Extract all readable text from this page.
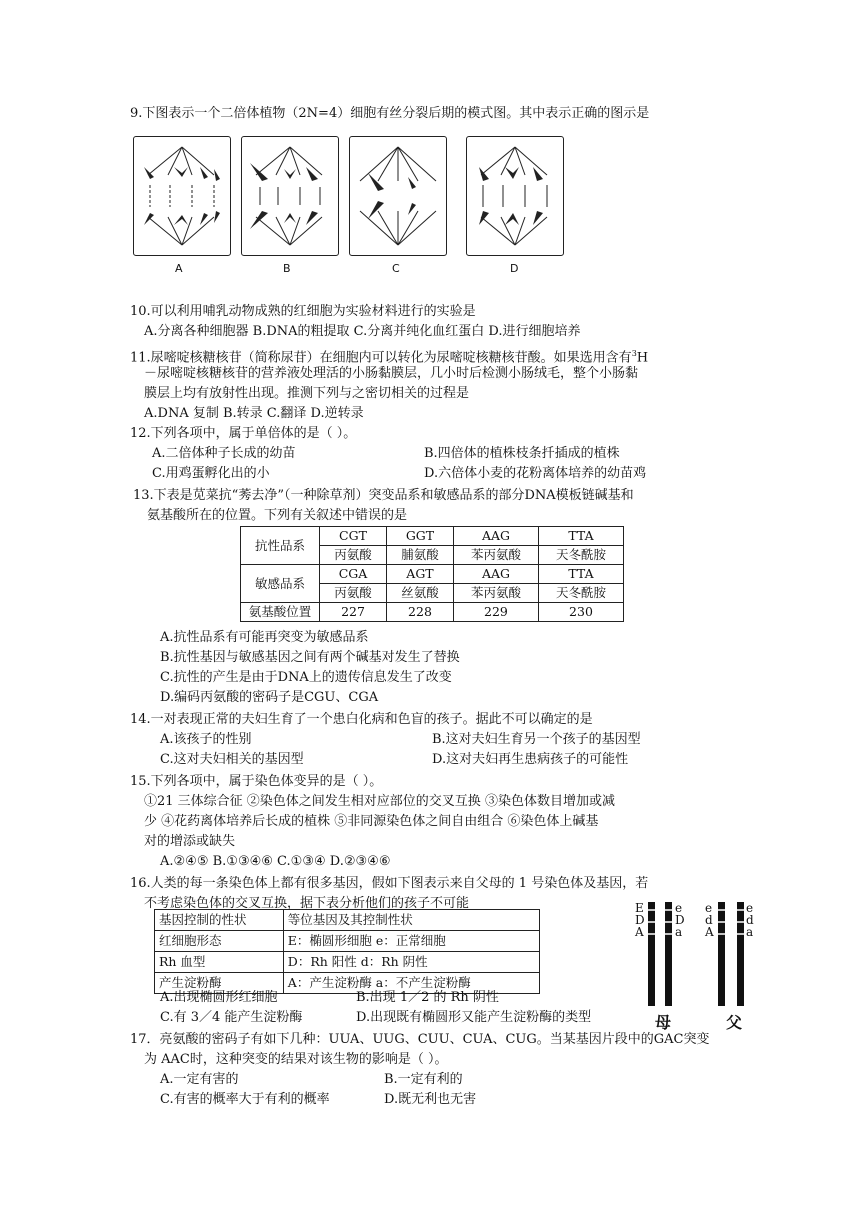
9.下图表示一个二倍体植物（2N=4）细胞有丝分裂后期的模式图。其中表示正确的图示是
A	B	C	D
10.可以利用哺乳动物成熟的红细胞为实验材料进行的实验是
A.分离各种细胞器 B.DNA的粗提取 C.分离并纯化血红蛋白 D.进行细胞培养
11.尿嘧啶核糖核苷（简称尿苷）在细胞内可以转化为尿嘧啶核糖核苷酸。如果选用含有$^3$H
－尿嘧啶核糖核苷的营养液处理活的小肠黏膜层，几小时后检测小肠绒毛，整个小肠黏
膜层上均有放射性出现。推测下列与之密切相关的过程是
A.DNA 复制 B.转录 C.翻译 D.逆转录
12.下列各项中，属于单倍体的是（ ）。
A.二倍体种子长成的幼苗	B.四倍体的植株枝条扦插成的植株
C.用鸡蛋孵化出的小	D.六倍体小麦的花粉离体培养的幼苗鸡
13.下表是苋菜抗“莠去净”（一种除草剂）突变品系和敏感品系的部分DNA模板链碱基和
氨基酸所在的位置。下列有关叙述中错误的是
抗性品系	CGT	GGT	AAG	TTA
	丙氨酸	脯氨酸	苯丙氨酸	天冬酰胺
敏感品系	CGA	AGT	AAG	TTA
	丙氨酸	丝氨酸	苯丙氨酸	天冬酰胺
氨基酸位置	227	228	229	230
A.抗性品系有可能再突变为敏感品系
B.抗性基因与敏感基因之间有两个碱基对发生了替换
C.抗性的产生是由于DNA上的遗传信息发生了改变
D.编码丙氨酸的密码子是CGU、CGA
14.一对表现正常的夫妇生育了一个患白化病和色盲的孩子。据此不可以确定的是
A.该孩子的性别	B.这对夫妇生育另一个孩子的基因型
C.这对夫妇相关的基因型	D.这对夫妇再生患病孩子的可能性
15.下列各项中，属于染色体变异的是（ ）。
①21 三体综合征 ②染色体之间发生相对应部位的交叉互换 ③染色体数目增加或减
少 ④花药离体培养后长成的植株 ⑤非同源染色体之间自由组合 ⑥染色体上碱基
对的增添或缺失
A.②④⑤ B.①③④⑥ C.①③④ D.②③④⑥
16.人类的每一条染色体上都有很多基因，假如下图表示来自父母的 1 号染色体及基因，若
不考虑染色体的交叉互换，据下表分析他们的孩子不可能
基因控制的性状	等位基因及其控制性状
红细胞形态	E：椭圆形细胞 e：正常细胞
Rh 血型	D：Rh 阳性 d：Rh 阴性
产生淀粉酶	A：产生淀粉酶 a：不产生淀粉酶
A.出现椭圆形红细胞	B.出现 1／2 的 Rh 阴性
C.有 3／4 能产生淀粉酶	D.出现既有椭圆形又能产生淀粉酶的类型
E
D
A
e
D
a
e
d
A
e
d
a
母	父
17．亮氨酸的密码子有如下几种：UUA、UUG、CUU、CUA、CUG。当某基因片段中的GAC突变
为 AAC时，这种突变的结果对该生物的影响是（ ）。
A.一定有害的	B.一定有利的
C.有害的概率大于有利的概率	D.既无利也无害
